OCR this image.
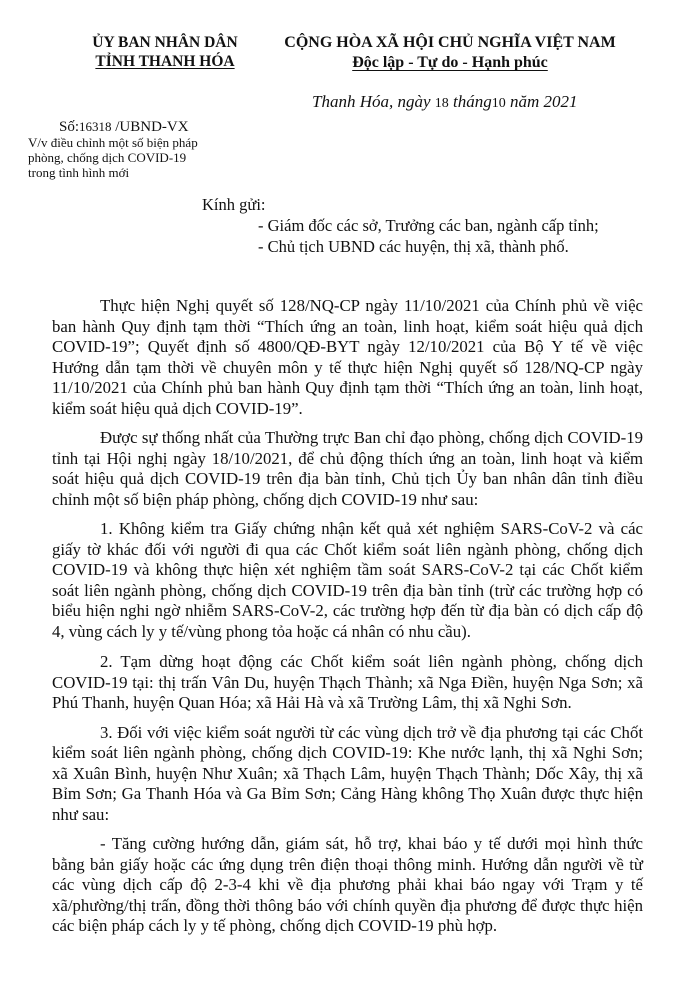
ỦY BAN NHÂN DÂN
TỈNH THANH HÓA
CỘNG HÒA XÃ HỘI CHỦ NGHĨA VIỆT NAM
Độc lập - Tự do - Hạnh phúc
Số:16318 /UBND-VX
V/v điều chỉnh một số biện pháp
phòng, chống dịch COVID-19
trong tình hình mới
Thanh Hóa, ngày 18 tháng10 năm 2021
Kính gửi:
- Giám đốc các sở, Trưởng các ban, ngành cấp tỉnh;
- Chủ tịch UBND các huyện, thị xã, thành phố.

Thực hiện Nghị quyết số 128/NQ-CP ngày 11/10/2021 của Chính phủ về việc ban hành Quy định tạm thời “Thích ứng an toàn, linh hoạt, kiểm soát hiệu quả dịch COVID-19”; Quyết định số 4800/QĐ-BYT ngày 12/10/2021 của Bộ Y tế về việc Hướng dẫn tạm thời về chuyên môn y tế thực hiện Nghị quyết số 128/NQ-CP ngày 11/10/2021 của Chính phủ ban hành Quy định tạm thời “Thích ứng an toàn, linh hoạt, kiểm soát hiệu quả dịch COVID-19”.

Được sự thống nhất của Thường trực Ban chỉ đạo phòng, chống dịch COVID-19 tỉnh tại Hội nghị ngày 18/10/2021, để chủ động thích ứng an toàn, linh hoạt và kiểm soát hiệu quả dịch COVID-19 trên địa bàn tỉnh, Chủ tịch Ủy ban nhân dân tỉnh điều chỉnh một số biện pháp phòng, chống dịch COVID-19 như sau:

1. Không kiểm tra Giấy chứng nhận kết quả xét nghiệm SARS-CoV-2 và các giấy tờ khác đối với người đi qua các Chốt kiểm soát liên ngành phòng, chống dịch COVID-19 và không thực hiện xét nghiệm tầm soát SARS-CoV-2 tại các Chốt kiểm soát liên ngành phòng, chống dịch COVID-19 trên địa bàn tỉnh (trừ các trường hợp có biểu hiện nghi ngờ nhiễm SARS-CoV-2, các trường hợp đến từ địa bàn có dịch cấp độ 4, vùng cách ly y tế/vùng phong tỏa hoặc cá nhân có nhu cầu).

2. Tạm dừng hoạt động các Chốt kiểm soát liên ngành phòng, chống dịch COVID-19 tại: thị trấn Vân Du, huyện Thạch Thành; xã Nga Điền, huyện Nga Sơn; xã Phú Thanh, huyện Quan Hóa; xã Hải Hà và xã Trường Lâm, thị xã Nghi Sơn.

3. Đối với việc kiểm soát người từ các vùng dịch trở về địa phương tại các Chốt kiểm soát liên ngành phòng, chống dịch COVID-19: Khe nước lạnh, thị xã Nghi Sơn; xã Xuân Bình, huyện Như Xuân; xã Thạch Lâm, huyện Thạch Thành; Dốc Xây, thị xã Bỉm Sơn; Ga Thanh Hóa và Ga Bỉm Sơn; Cảng Hàng không Thọ Xuân được thực hiện như sau:

- Tăng cường hướng dẫn, giám sát, hỗ trợ, khai báo y tế dưới mọi hình thức bằng bản giấy hoặc các ứng dụng trên điện thoại thông minh. Hướng dẫn người về từ các vùng dịch cấp độ 2-3-4 khi về địa phương phải khai báo ngay với Trạm y tế xã/phường/thị trấn, đồng thời thông báo với chính quyền địa phương để được thực hiện các biện pháp cách ly y tế phòng, chống dịch COVID-19 phù hợp.
